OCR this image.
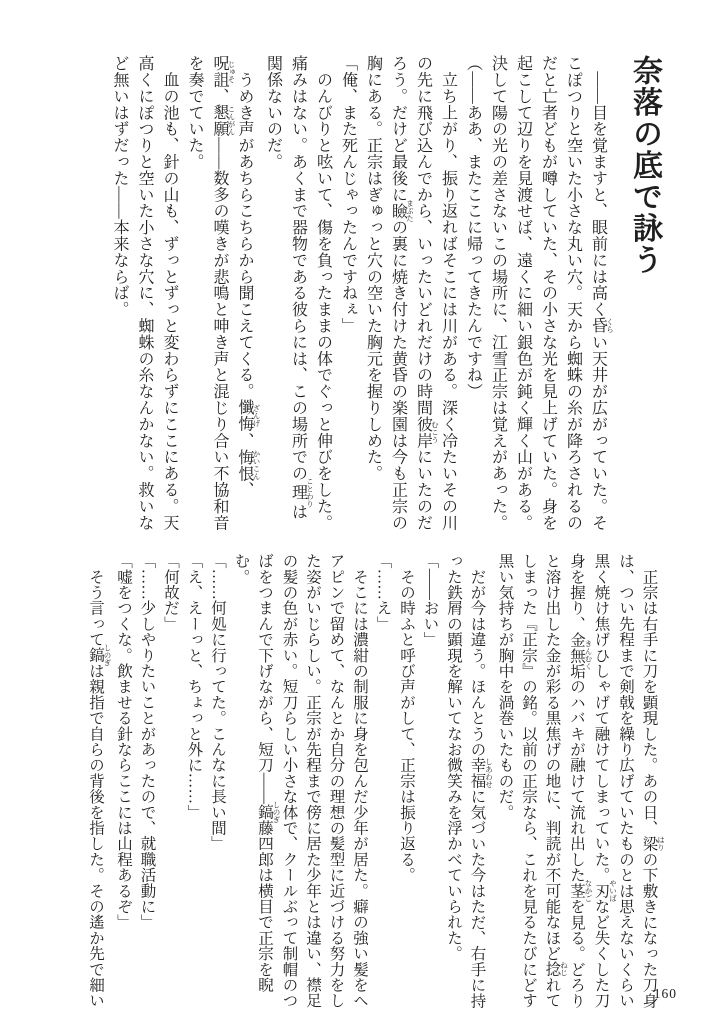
奈落の底で詠う

　――目を覚ますと、眼前には高く昏 くらい天井が広がっていた。そこぽつりと空いた小さな丸い穴。天から蜘蛛の糸が降ろされるのだと亡者どもが噂していた、その小さな光を見上げていた。身を起こして辺りを見渡せば、遠くに細い銀色が鈍く輝く山がある。決して陽の光の差さないこの場所に、江雪正宗は覚えがあった。

（――ああ、またここに帰ってきたんですね）

　立ち上がり、振り返ればそこには川がある。深く冷たいその川の先に飛び込んでから、いったいどれだけの時間彼岸 むこうにいたのだろう。だけど最後に瞼 まぶたの裏に焼き付けた黄昏の楽園は今も正宗の胸にある。正宗はぎゅっと穴の空いた胸元を握りしめた。

「俺、また死んじゃったんですねぇ」

　のんびりと呟いて、傷を負ったままの体でぐっと伸びをした。痛みはない。あくまで器物である彼らには、この場所での理 ことわりは関係ないのだ。

　うめき声があちらこちらから聞こえてくる。懺悔 ざんげ、悔恨 かいこん、呪詛 じゅそ、懇願 こんがん――数多の嘆きが悲鳴と呻き声と混じり合い不協和音を奏でていた。

　血の池も、針の山も、ずっとずっと変わらずにここにある。天高くにぽつりと空いた小さな穴に、蜘蛛の糸なんかない。救いなど無いはずだった――本来ならば。

　正宗は右手に刀を顕現した。あの日、梁 はりの下敷きになった刀身は、つい先程まで剣戟を繰り広げていたものとは思えないくらい黒く焼け焦げひしゃげて融けてしまっていた。刃 やいばなど失くした刀身を握り、金無垢 きんむくのハバキが融けて流れ出した茎 なかごを見る。どろりと溶け出した金が彩る黒焦げの地に、判読が不可能なほど捻 ねじれてしまった『正宗』の銘。以前の正宗なら、これを見るたびにどす黒い気持ちが胸中を渦巻いたものだ。

　だが今は違う。ほんとうの幸福 しあわせに気づいた今はただ、右手に持った鉄屑の顕現を解いてなお微笑みを浮かべていられた。

「――おい」

　その時ふと呼び声がして、正宗は振り返る。

「……え」

　そこには濃紺の制服に身を包んだ少年が居た。癖の強い髪をヘアピンで留めて、なんとか自分の理想の髪型に近づける努力をした姿がいじらしい。正宗が先程まで傍に居た少年とは違い、襟足の髪の色が赤い。短刀らしい小さな体で、クールぶって制帽のつばをつまんで下げながら、短刀――鎬 しのぎ藤四郎は横目で正宗を睨む。

「……何処に行ってた。こんなに長い間」

「え、えーっと、ちょっと外に……」

「何故だ」

「……少しやりたいことがあったので、就職活動に」

「嘘をつくな。飲ませる針ならここには山程あるぞ」

　そう言って鎬 しのぎは親指で自らの背後を指した。その遙か先で細い	160
